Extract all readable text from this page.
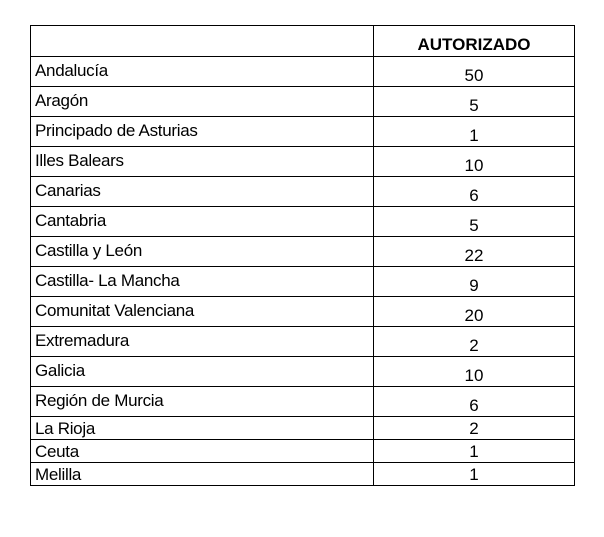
	AUTORIZADO
Andalucía	50
Aragón	5
Principado de Asturias	1
Illes Balears	10
Canarias	6
Cantabria	5
Castilla y León	22
Castilla- La Mancha	9
Comunitat Valenciana	20
Extremadura	2
Galicia	10
Región de Murcia	6
La Rioja	2
Ceuta	1
Melilla	1
